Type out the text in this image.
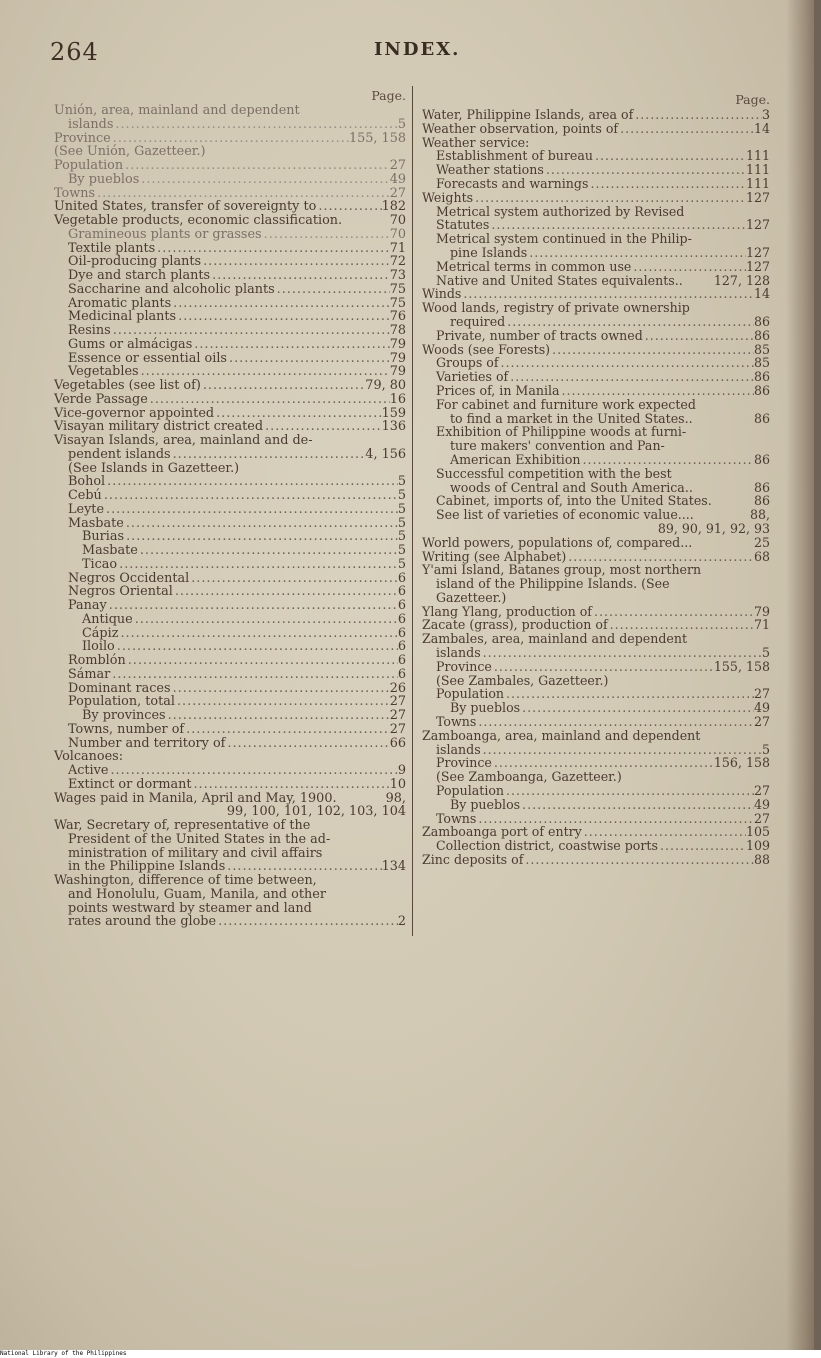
264	INDEX.
Page.
Unión, area, mainland and dependent
islands .....	5
Province .....	155, 158
(See Unión, Gazetteer.)
Population .....	27
By pueblos .....	49
Towns .....	27
United States, transfer of sovereignty to .....	182
Vegetable products, economic classification.	70
Gramineous plants or grasses .....	70
Textile plants .....	71
Oil-producing plants .....	72
Dye and starch plants .....	73
Saccharine and alcoholic plants .....	75
Aromatic plants .....	75
Medicinal plants .....	76
Resins .....	78
Gums or almácigas .....	79
Essence or essential oils .....	79
Vegetables .....	79
Vegetables (see list of) .....	79, 80
Verde Passage .....	16
Vice-governor appointed .....	159
Visayan military district created .....	136
Visayan Islands, area, mainland and de-
pendent islands .....	4, 156
(See Islands in Gazetteer.)
Bohol .....	5
Cebú .....	5
Leyte .....	5
Masbate .....	5
Burias .....	5
Masbate .....	5
Ticao .....	5
Negros Occidental .....	6
Negros Oriental .....	6
Panay .....	6
Antique .....	6
Cápiz .....	6
Iloilo .....	6
Romblón .....	6
Sámar .....	6
Dominant races .....	26
Population, total .....	27
By provinces .....	27
Towns, number of .....	27
Number and territory of .....	66
Volcanoes:
Active .....	9
Extinct or dormant .....	10
Wages paid in Manila, April and May, 1900.	98,
99, 100, 101, 102, 103, 104
War, Secretary of, representative of the
President of the United States in the ad-
ministration of military and civil affairs
in the Philippine Islands .....	134
Washington, difference of time between,
and Honolulu, Guam, Manila, and other
points westward by steamer and land
rates around the globe .....	2
Page.
Water, Philippine Islands, area of .....	3
Weather observation, points of .....	14
Weather service:
Establishment of bureau .....	111
Weather stations .....	111
Forecasts and warnings .....	111
Weights .....	127
Metrical system authorized by Revised
Statutes .....	127
Metrical system continued in the Philip-
pine Islands .....	127
Metrical terms in common use .....	127
Native and United States equivalents.. 127, 128
Winds .....	14
Wood lands, registry of private ownership
required .....	86
Private, number of tracts owned .....	86
Woods (see Forests) .....	85
Groups of .....	85
Varieties of .....	86
Prices of, in Manila .....	86
For cabinet and furniture work expected
to find a market in the United States..	86
Exhibition of Philippine woods at furni-
ture makers' convention and Pan-
American Exhibition .....	86
Successful competition with the best
woods of Central and South America..	86
Cabinet, imports of, into the United States.	86
See list of varieties of economic value....	88,
89, 90, 91, 92, 93
World powers, populations of, compared...	25
Writing (see Alphabet) .....	68
Y'ami Island, Batanes group, most northern
island of the Philippine Islands. (See
Gazetteer.)
Ylang Ylang, production of .....	79
Zacate (grass), production of .....	71
Zambales, area, mainland and dependent
islands .....	5
Province .....	155, 158
(See Zambales, Gazetteer.)
Population .....	27
By pueblos .....	49
Towns .....	27
Zamboanga, area, mainland and dependent
islands .....	5
Province .....	156, 158
(See Zamboanga, Gazetteer.)
Population .....	27
By pueblos .....	49
Towns .....	27
Zamboanga port of entry .....	105
Collection district, coastwise ports .....	109
Zinc deposits of .....	88
National Library of the Philippines
